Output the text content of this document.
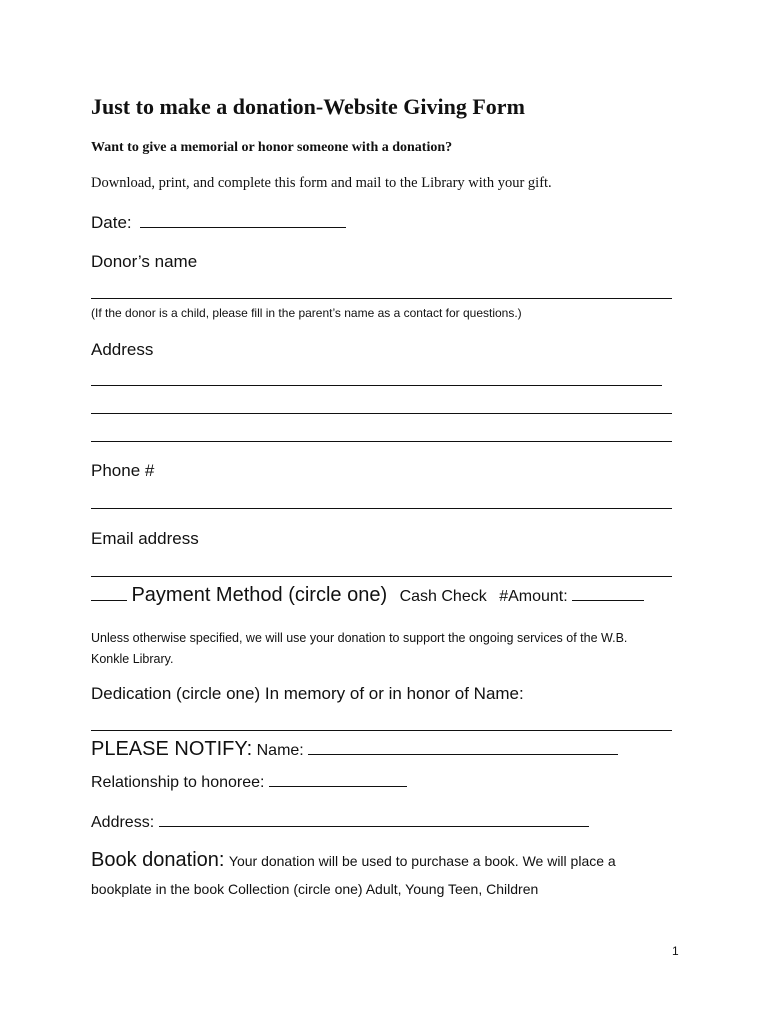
Just to make a donation-Website Giving Form
Want to give a memorial or honor someone with a donation?
Download, print, and complete this form and mail to the Library with your gift.
Date:
Donor’s name
(If the donor is a child, please fill in the parent’s name as a contact for questions.)
Address
Phone #
Email address
Payment Method (circle one) Cash Check #Amount:
Unless otherwise specified, we will use your donation to support the ongoing services of the W.B.
Konkle Library.
Dedication (circle one) In memory of or in honor of Name:
PLEASE NOTIFY: Name:
Relationship to honoree:
Address:
Book donation: Your donation will be used to purchase a book. We will place a
bookplate in the book Collection (circle one) Adult, Young Teen, Children
1
